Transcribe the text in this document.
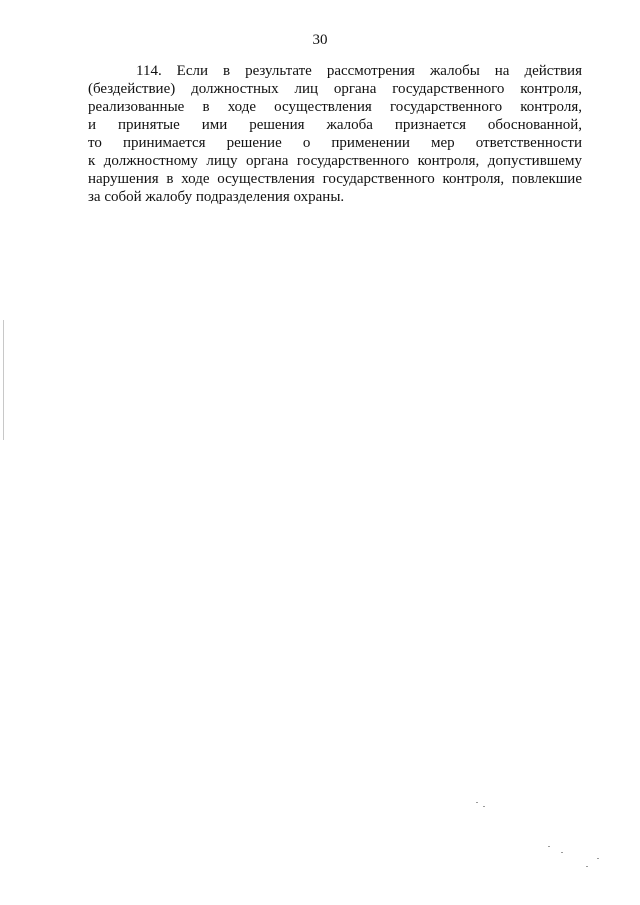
30
114. Если в результате рассмотрения жалобы на действия
(бездействие) должностных лиц органа государственного контроля,
реализованные в ходе осуществления государственного контроля,
и принятые ими решения жалоба признается обоснованной,
то принимается решение о применении мер ответственности
к должностному лицу органа государственного контроля, допустившему
нарушения в ходе осуществления государственного контроля, повлекшие
за собой жалобу подразделения охраны.
